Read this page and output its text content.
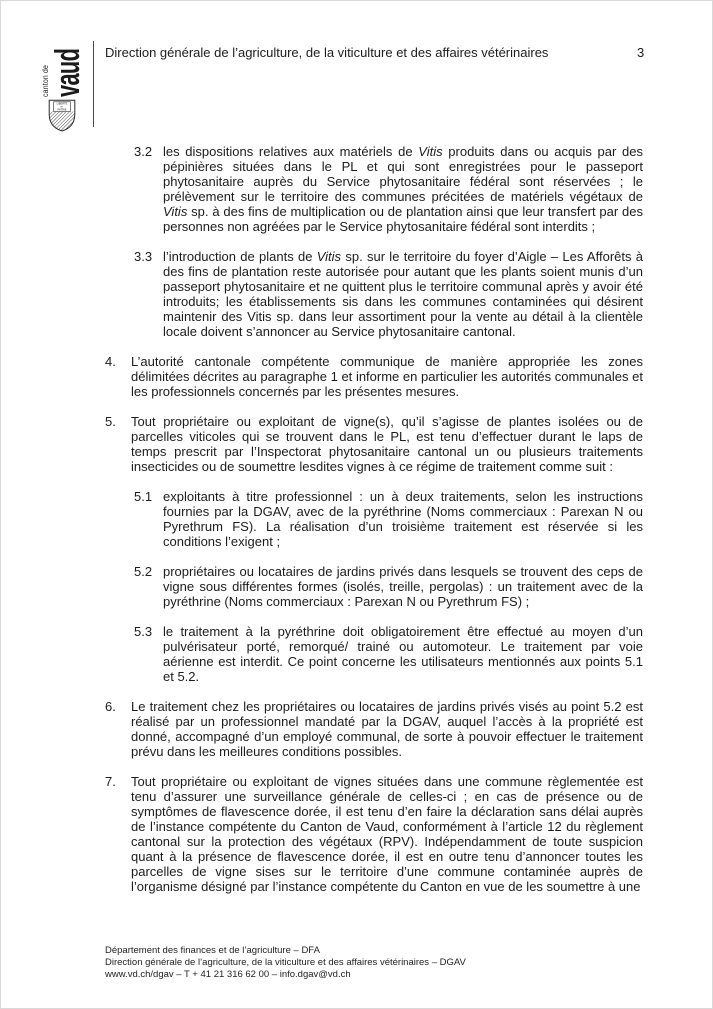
canton de
vaud
LIBERTÉ
ET
PATRIE
Direction générale de l’agriculture, de la viticulture et des affaires vétérinaires	3
3.2 les dispositions relatives aux matériels de Vitis produits dans ou acquis par des pépinières situées dans le PL et qui sont enregistrées pour le passeport phytosanitaire auprès du Service phytosanitaire fédéral sont réservées ; le prélèvement sur le territoire des communes précitées de matériels végétaux de Vitis sp. à des fins de multiplication ou de plantation ainsi que leur transfert par des personnes non agréées par le Service phytosanitaire fédéral sont interdits ;
3.3 l’introduction de plants de Vitis sp. sur le territoire du foyer d’Aigle – Les Afforêts à des fins de plantation reste autorisée pour autant que les plants soient munis d’un passeport phytosanitaire et ne quittent plus le territoire communal après y avoir été introduits; les établissements sis dans les communes contaminées qui désirent maintenir des Vitis sp. dans leur assortiment pour la vente au détail à la clientèle locale doivent s’annoncer au Service phytosanitaire cantonal.
4.	L’autorité cantonale compétente communique de manière appropriée les zones délimitées décrites au paragraphe 1 et informe en particulier les autorités communales et les professionnels concernés par les présentes mesures.
5.	Tout propriétaire ou exploitant de vigne(s), qu’il s’agisse de plantes isolées ou de parcelles viticoles qui se trouvent dans le PL, est tenu d’effectuer durant le laps de temps prescrit par l’Inspectorat phytosanitaire cantonal un ou plusieurs traitements insecticides ou de soumettre lesdites vignes à ce régime de traitement comme suit :
5.1 exploitants à titre professionnel : un à deux traitements, selon les instructions fournies par la DGAV, avec de la pyréthrine (Noms commerciaux : Parexan N ou Pyrethrum FS). La réalisation d’un troisième traitement est réservée si les conditions l’exigent ;
5.2 propriétaires ou locataires de jardins privés dans lesquels se trouvent des ceps de vigne sous différentes formes (isolés, treille, pergolas) : un traitement avec de la pyréthrine (Noms commerciaux : Parexan N ou Pyrethrum FS) ;
5.3 le traitement à la pyréthrine doit obligatoirement être effectué au moyen d’un pulvérisateur porté, remorqué/ trainé ou automoteur. Le traitement par voie aérienne est interdit. Ce point concerne les utilisateurs mentionnés aux points 5.1 et 5.2.
6.	Le traitement chez les propriétaires ou locataires de jardins privés visés au point 5.2 est réalisé par un professionnel mandaté par la DGAV, auquel l’accès à la propriété est donné, accompagné d’un employé communal, de sorte à pouvoir effectuer le traitement prévu dans les meilleures conditions possibles.
7.	Tout propriétaire ou exploitant de vignes situées dans une commune règlementée est tenu d’assurer une surveillance générale de celles-ci ; en cas de présence ou de symptômes de flavescence dorée, il est tenu d’en faire la déclaration sans délai auprès de l’instance compétente du Canton de Vaud, conformément à l’article 12 du règlement cantonal sur la protection des végétaux (RPV). Indépendamment de toute suspicion quant à la présence de flavescence dorée, il est en outre tenu d’annoncer toutes les parcelles de vigne sises sur le territoire d’une commune contaminée auprès de l’organisme désigné par l’instance compétente du Canton en vue de les soumettre à une
Département des finances et de l’agriculture – DFA
Direction générale de l’agriculture, de la viticulture et des affaires vétérinaires – DGAV
www.vd.ch/dgav – T + 41 21 316 62 00 – info.dgav@vd.ch
